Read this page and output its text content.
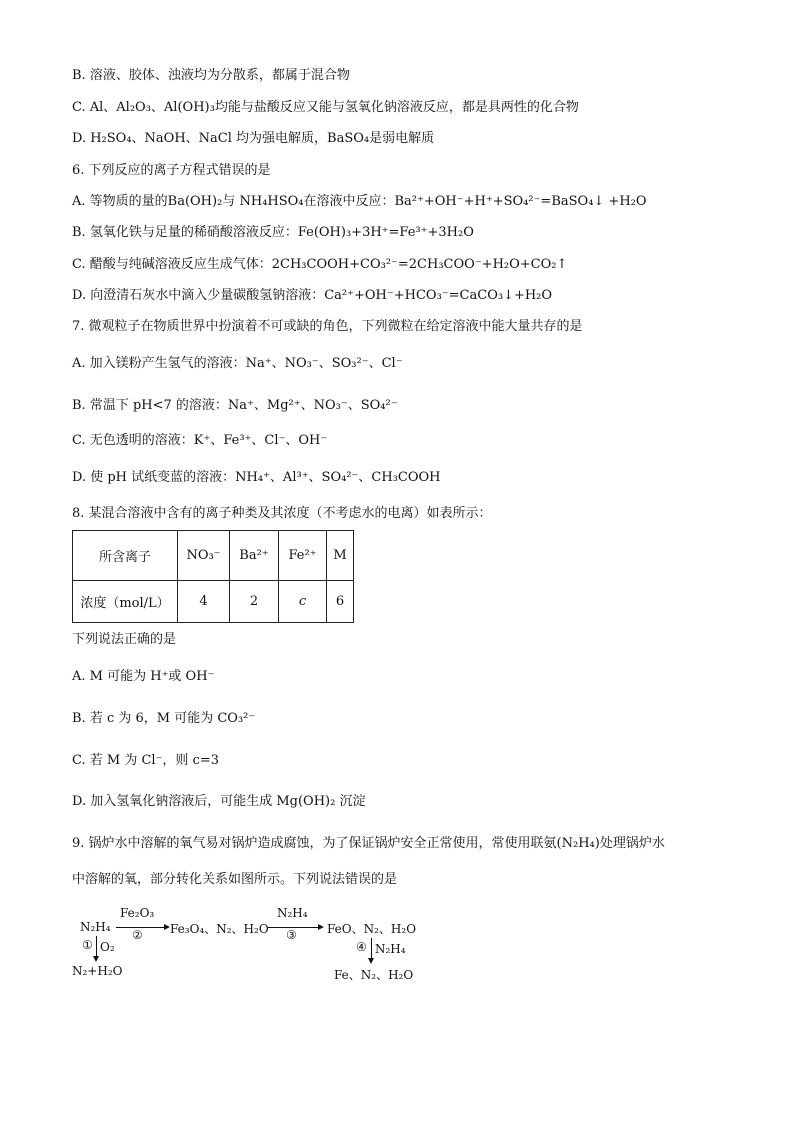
B. 溶液、胶体、浊液均为分散系，都属于混合物
C. Al、Al₂O₃、Al(OH)₃均能与盐酸反应又能与氢氧化钠溶液反应，都是具两性的化合物
D. H₂SO₄、NaOH、NaCl 均为强电解质，BaSO₄是弱电解质
6. 下列反应的离子方程式错误的是
A. 等物质的量的Ba(OH)₂与 NH₄HSO₄在溶液中反应：Ba²⁺+OH⁻+H⁺+SO₄²⁻=BaSO₄↓ +H₂O
B. 氢氧化铁与足量的稀硝酸溶液反应：Fe(OH)₃+3H⁺=Fe³⁺+3H₂O
C. 醋酸与纯碱溶液反应生成气体：2CH₃COOH+CO₃²⁻=2CH₃COO⁻+H₂O+CO₂↑
D. 向澄清石灰水中滴入少量碳酸氢钠溶液：Ca²⁺+OH⁻+HCO₃⁻=CaCO₃↓+H₂O
7. 微观粒子在物质世界中扮演着不可或缺的角色，下列微粒在给定溶液中能大量共存的是
A. 加入镁粉产生氢气的溶液：Na⁺、NO₃⁻、SO₃²⁻、Cl⁻
B. 常温下 pH<7 的溶液：Na⁺、Mg²⁺、NO₃⁻、SO₄²⁻
C. 无色透明的溶液：K⁺、Fe³⁺、Cl⁻、OH⁻
D. 使 pH 试纸变蓝的溶液：NH₄⁺、Al³⁺、SO₄²⁻、CH₃COOH
8. 某混合溶液中含有的离子种类及其浓度（不考虑水的电离）如表所示：
所含离子	NO₃⁻	Ba²⁺	Fe²⁺	M
浓度（mol/L）	4	2	c	6
下列说法正确的是
A. M 可能为 H⁺或 OH⁻
B. 若 c 为 6，M 可能为 CO₃²⁻
C. 若 M 为 Cl⁻，则 c=3
D. 加入氢氧化钠溶液后，可能生成 Mg(OH)₂ 沉淀
9. 锅炉水中溶解的氧气易对锅炉造成腐蚀，为了保证锅炉安全正常使用，常使用联氨(N₂H₄)处理锅炉水
中溶解的氧，部分转化关系如图所示。下列说法错误的是
N₂H₄
Fe₂O₃
② Fe₃O₄、N₂、H₂O
N₂H₄
③	FeO、N₂、H₂O
① O₂
N₂+H₂O
④ N₂H₄
Fe、N₂、H₂O
